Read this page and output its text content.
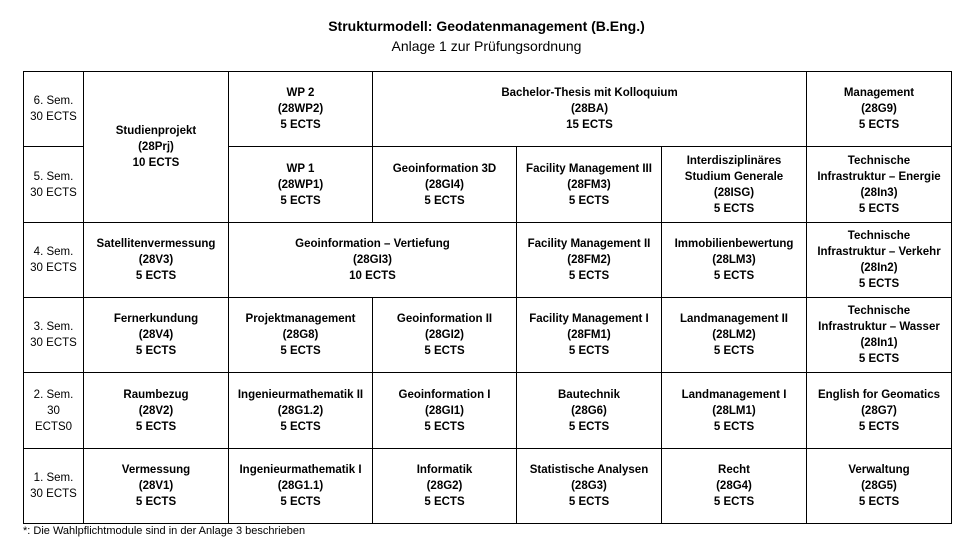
Strukturmodell: Geodatenmanagement (B.Eng.)
Anlage 1 zur Prüfungsordnung
6. Sem.
30 ECTS	Studienprojekt
(28Prj)
10 ECTS	WP 2
(28WP2)
5 ECTS	Bachelor-Thesis mit Kolloquium
(28BA)
15 ECTS			Management
(28G9)
5 ECTS

5. Sem.
30 ECTS		WP 1
(28WP1)
5 ECTS	Geoinformation 3D
(28GI4)
5 ECTS	Facility Management III
(28FM3)
5 ECTS	Interdisziplinäres
Studium Generale
(28ISG)
5 ECTS	Technische
Infrastruktur – Energie
(28In3)
5 ECTS

4. Sem.
30 ECTS	Satellitenvermessung
(28V3)
5 ECTS	Geoinformation – Vertiefung
(28GI3)
10 ECTS		Facility Management II
(28FM2)
5 ECTS	Immobilienbewertung
(28LM3)
5 ECTS	Technische
Infrastruktur – Verkehr
(28In2)
5 ECTS

3. Sem.
30 ECTS	Fernerkundung
(28V4)
5 ECTS	Projektmanagement
(28G8)
5 ECTS	Geoinformation II
(28GI2)
5 ECTS	Facility Management I
(28FM1)
5 ECTS	Landmanagement II
(28LM2)
5 ECTS	Technische
Infrastruktur – Wasser
(28In1)
5 ECTS

2. Sem.
30
ECTS0	Raumbezug
(28V2)
5 ECTS	Ingenieurmathematik II
(28G1.2)
5 ECTS	Geoinformation I
(28GI1)
5 ECTS	Bautechnik
(28G6)
5 ECTS	Landmanagement I
(28LM1)
5 ECTS	English for Geomatics
(28G7)
5 ECTS

1. Sem.
30 ECTS	Vermessung
(28V1)
5 ECTS	Ingenieurmathematik I
(28G1.1)
5 ECTS	Informatik
(28G2)
5 ECTS	Statistische Analysen
(28G3)
5 ECTS	Recht
(28G4)
5 ECTS	Verwaltung
(28G5)
5 ECTS
*: Die Wahlpflichtmodule sind in der Anlage 3 beschrieben
